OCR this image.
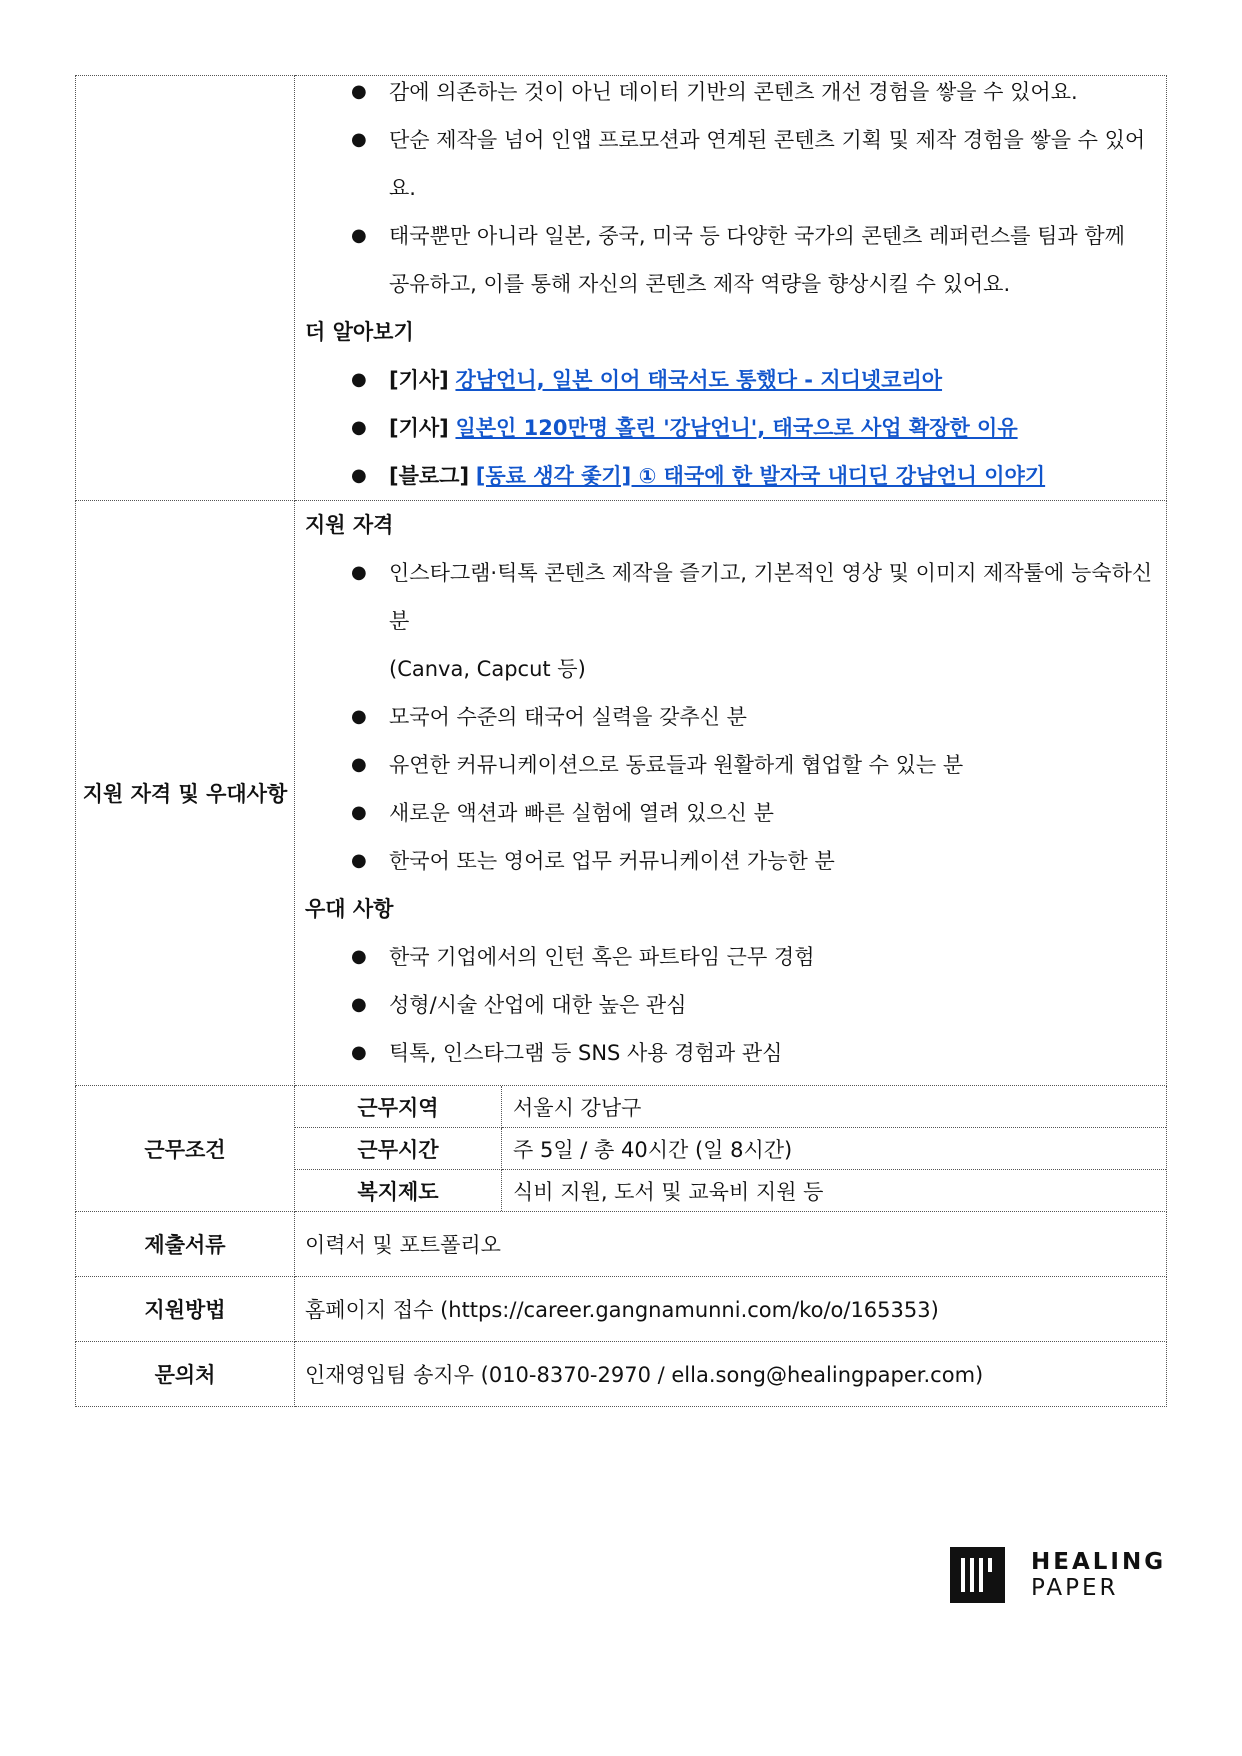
● 감에 의존하는 것이 아닌 데이터 기반의 콘텐츠 개선 경험을 쌓을 수 있어요.
● 단순 제작을 넘어 인앱 프로모션과 연계된 콘텐츠 기획 및 제작 경험을 쌓을 수 있어요.
● 태국뿐만 아니라 일본, 중국, 미국 등 다양한 국가의 콘텐츠 레퍼런스를 팀과 함께
공유하고, 이를 통해 자신의 콘텐츠 제작 역량을 향상시킬 수 있어요.
더 알아보기
● [기사] 강남언니, 일본 이어 태국서도 통했다 - 지디넷코리아
● [기사] 일본인 120만명 홀린 '강남언니', 태국으로 사업 확장한 이유
● [블로그] [동료 생각 좇기] ① 태국에 한 발자국 내디딘 강남언니 이야기

지원 자격 및 우대사항	
지원 자격
● 인스타그램·틱톡 콘텐츠 제작을 즐기고, 기본적인 영상 및 이미지 제작툴에 능숙하신 분
(Canva, Capcut 등)
● 모국어 수준의 태국어 실력을 갖추신 분
● 유연한 커뮤니케이션으로 동료들과 원활하게 협업할 수 있는 분
● 새로운 액션과 빠른 실험에 열려 있으신 분
● 한국어 또는 영어로 업무 커뮤니케이션 가능한 분
우대 사항
● 한국 기업에서의 인턴 혹은 파트타임 근무 경험
● 성형/시술 산업에 대한 높은 관심
● 틱톡, 인스타그램 등 SNS 사용 경험과 관심

근무조건	
근무지역	서울시 강남구
근무시간	주 5일 / 총 40시간 (일 8시간)
복지제도	식비 지원, 도서 및 교육비 지원 등

제출서류	이력서 및 포트폴리오
지원방법	홈페이지 접수 (https://career.gangnamunni.com/ko/o/165353)
문의처	인재영입팀 송지우 (010-8370-2970 / ella.song@healingpaper.com)
HEALING
PAPER
